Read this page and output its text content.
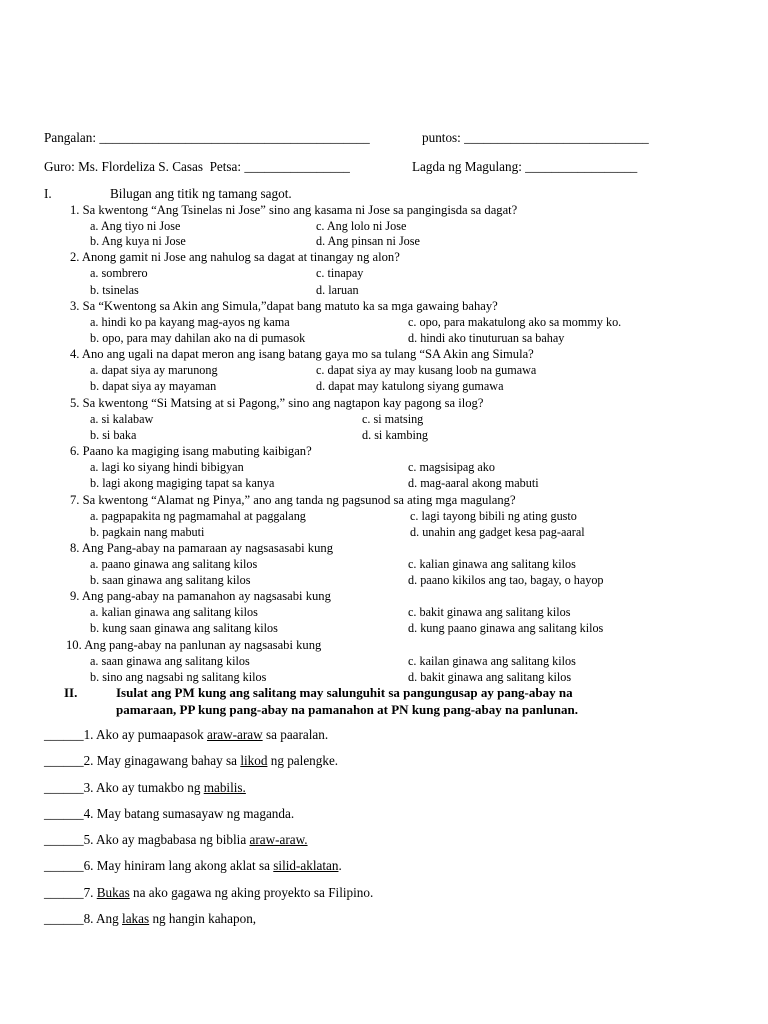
Pangalan: _________________________________________	puntos: ____________________________
Guro: Ms. Flordeliza S. Casas Petsa: ________________	Lagda ng Magulang: _________________
I.	Bilugan ang titik ng tamang sagot.
1. Sa kwentong “Ang Tsinelas ni Jose” sino ang kasama ni Jose sa pangingisda sa dagat?
a. Ang tiyo ni Jose	c. Ang lolo ni Jose
b. Ang kuya ni Jose	d. Ang pinsan ni Jose
2. Anong gamit ni Jose ang nahulog sa dagat at tinangay ng alon?
a. sombrero	c. tinapay
b. tsinelas	d. laruan
3. Sa “Kwentong sa Akin ang Simula,”dapat bang matuto ka sa mga gawaing bahay?
a. hindi ko pa kayang mag-ayos ng kama	c. opo, para makatulong ako sa mommy ko.
b. opo, para may dahilan ako na di pumasok	d. hindi ako tinuturuan sa bahay
4. Ano ang ugali na dapat meron ang isang batang gaya mo sa tulang “SA Akin ang Simula?
a. dapat siya ay marunong	c. dapat siya ay may kusang loob na gumawa
b. dapat siya ay mayaman	d. dapat may katulong siyang gumawa
5. Sa kwentong “Si Matsing at si Pagong,” sino ang nagtapon kay pagong sa ilog?
a. si kalabaw	c. si matsing
b. si baka	d. si kambing
6. Paano ka magiging isang mabuting kaibigan?
a. lagi ko siyang hindi bibigyan	c. magsisipag ako
b. lagi akong magiging tapat sa kanya	d. mag-aaral akong mabuti
7. Sa kwentong “Alamat ng Pinya,” ano ang tanda ng pagsunod sa ating mga magulang?
a. pagpapakita ng pagmamahal at paggalang	c. lagi tayong bibili ng ating gusto
b. pagkain nang mabuti	d. unahin ang gadget kesa pag-aaral
8. Ang Pang-abay na pamaraan ay nagsasasabi kung
a. paano ginawa ang salitang kilos	c. kalian ginawa ang salitang kilos
b. saan ginawa ang salitang kilos	d. paano kikilos ang tao, bagay, o hayop
9. Ang pang-abay na pamanahon ay nagsasabi kung
a. kalian ginawa ang salitang kilos	c. bakit ginawa ang salitang kilos
b. kung saan ginawa ang salitang kilos	d. kung paano ginawa ang salitang kilos
10. Ang pang-abay na panlunan ay nagsasabi kung
a. saan ginawa ang salitang kilos	c. kailan ginawa ang salitang kilos
b. sino ang nagsabi ng salitang kilos	d. bakit ginawa ang salitang kilos
II.	Isulat ang PM kung ang salitang may salunguhit sa pangungusap ay pang-abay na
pamaraan, PP kung pang-abay na pamanahon at PN kung pang-abay na panlunan.
______1. Ako ay pumaapasok araw-araw sa paaralan.
______2. May ginagawang bahay sa likod ng palengke.
______3. Ako ay tumakbo ng mabilis.
______4. May batang sumasayaw ng maganda.
______5. Ako ay magbabasa ng biblia araw-araw.
______6. May hiniram lang akong aklat sa silid-aklatan.
______7. Bukas na ako gagawa ng aking proyekto sa Filipino.
______8. Ang lakas ng hangin kahapon,
